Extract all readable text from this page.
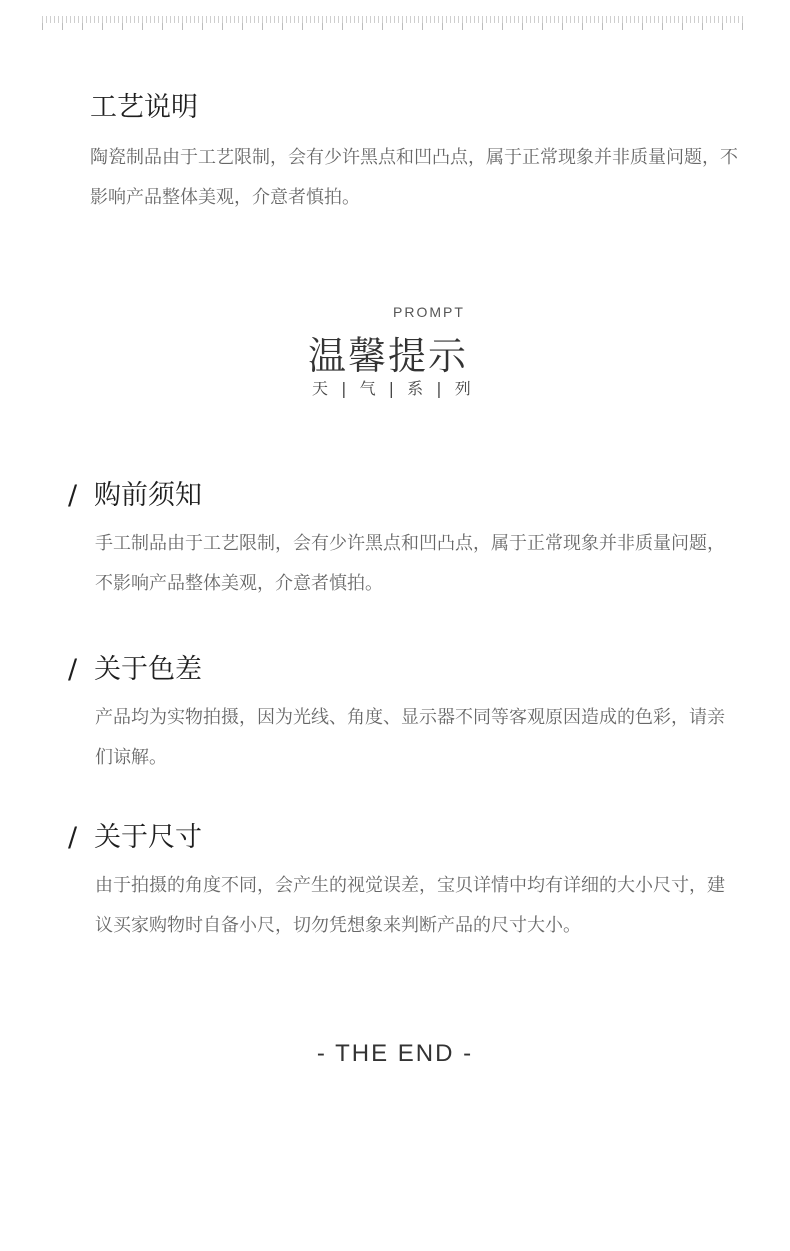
工艺说明

陶瓷制品由于工艺限制，会有少许黑点和凹凸点，属于正常现象并非质量问题，不影响产品整体美观，介意者慎拍。

PROMPT
温馨提示
天 | 气 | 系 | 列
/ 购前须知

手工制品由于工艺限制，会有少许黑点和凹凸点，属于正常现象并非质量问题，不影响产品整体美观，介意者慎拍。

/ 关于色差

产品均为实物拍摄，因为光线、角度、显示器不同等客观原因造成的色彩，请亲们谅解。

/ 关于尺寸

由于拍摄的角度不同，会产生的视觉误差，宝贝详情中均有详细的大小尺寸，建议买家购物时自备小尺，切勿凭想象来判断产品的尺寸大小。

- THE END -
